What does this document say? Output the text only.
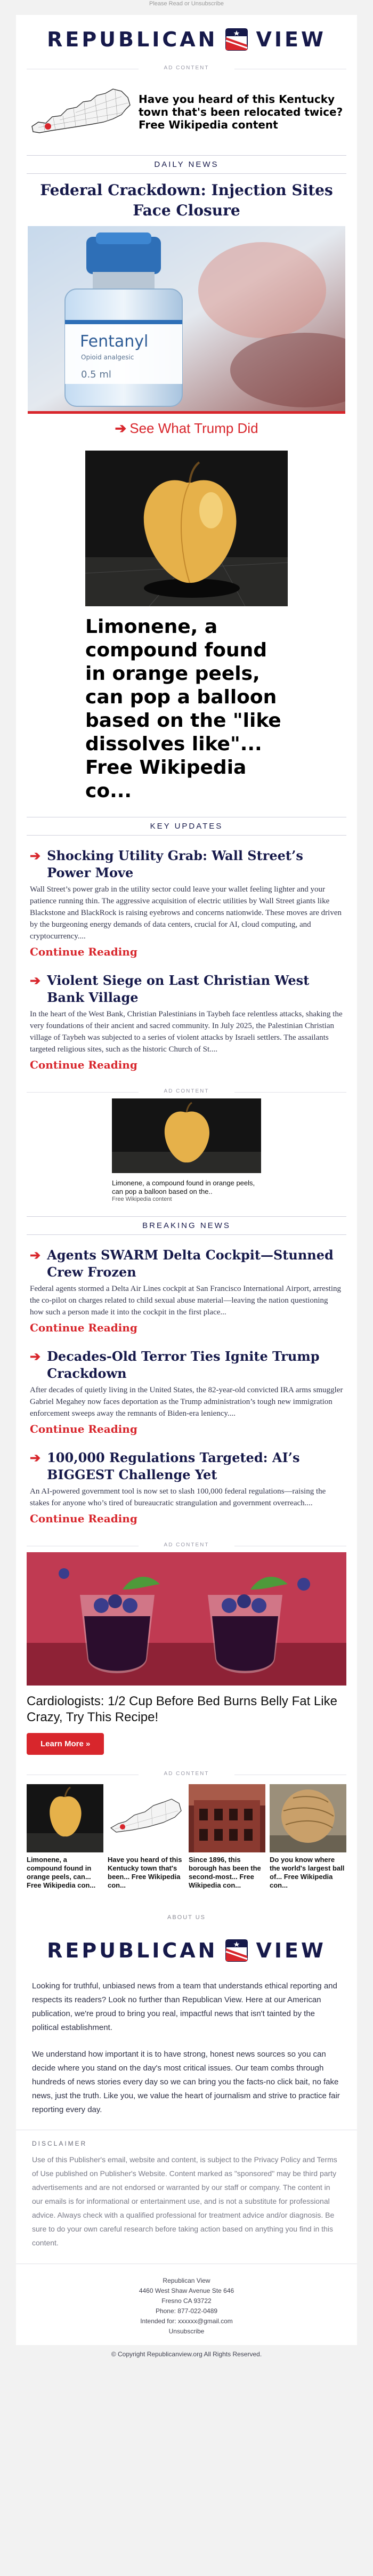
Please Read or Unsubscribe
REPUBLICAN VIEW
AD CONTENT
Have you heard of this Kentucky town that's been relocated twice? Free Wikipedia content
DAILY NEWS
Federal Crackdown: Injection Sites Face Closure
Fentanyl
Opioid analgesic
0.5 ml
➔ See What Trump Did
Limonene, a compound found in orange peels, can pop a balloon based on the "like dissolves like"... Free Wikipedia co...
KEY UPDATES
➔ Shocking Utility Grab: Wall Street’s Power Move

Wall Street’s power grab in the utility sector could leave your wallet feeling lighter and your patience running thin. The aggressive acquisition of electric utilities by Wall Street giants like Blackstone and BlackRock is raising eyebrows and concerns nationwide. These moves are driven by the burgeoning energy demands of data centers, crucial for AI, cloud computing, and cryptocurrency....

Continue Reading
➔ Violent Siege on Last Christian West Bank Village

In the heart of the West Bank, Christian Palestinians in Taybeh face relentless attacks, shaking the very foundations of their ancient and sacred community. In July 2025, the Palestinian Christian village of Taybeh was subjected to a series of violent attacks by Israeli settlers. The assailants targeted religious sites, such as the historic Church of St....

Continue Reading
AD CONTENT
Limonene, a compound found in orange peels, can pop a balloon based on the..
Free Wikipedia content
BREAKING NEWS
➔ Agents SWARM Delta Cockpit—Stunned Crew Frozen

Federal agents stormed a Delta Air Lines cockpit at San Francisco International Airport, arresting the co-pilot on charges related to child sexual abuse material—leaving the nation questioning how such a person made it into the cockpit in the first place...

Continue Reading
➔ Decades-Old Terror Ties Ignite Trump Crackdown

After decades of quietly living in the United States, the 82-year-old convicted IRA arms smuggler Gabriel Megahey now faces deportation as the Trump administration’s tough new immigration enforcement sweeps away the remnants of Biden-era leniency....

Continue Reading
➔ 100,000 Regulations Targeted: AI’s BIGGEST Challenge Yet

An AI-powered government tool is now set to slash 100,000 federal regulations—raising the stakes for anyone who’s tired of bureaucratic strangulation and government overreach....

Continue Reading
AD CONTENT
Cardiologists: 1/2 Cup Before Bed Burns Belly Fat Like Crazy, Try This Recipe!
Learn More »
AD CONTENT
Limonene, a compound found in orange peels, can... Free Wikipedia con...
Have you heard of this Kentucky town that's been... Free Wikipedia con...
Since 1896, this borough has been the second-most... Free Wikipedia con...
Do you know where the world's largest ball of... Free Wikipedia con...
ABOUT US
REPUBLICAN VIEW

Looking for truthful, unbiased news from a team that understands ethical reporting and respects its readers? Look no further than Republican View. Here at our American publication, we're proud to bring you real, impactful news that isn't tainted by the political establishment.

We understand how important it is to have strong, honest news sources so you can decide where you stand on the day's most critical issues. Our team combs through hundreds of news stories every day so we can bring you the facts-no click bait, no fake news, just the truth. Like you, we value the heart of journalism and strive to practice fair reporting every day.

DISCLAIMER

Use of this Publisher's email, website and content, is subject to the Privacy Policy and Terms of Use published on Publisher's Website. Content marked as "sponsored" may be third party advertisements and are not endorsed or warranted by our staff or company. The content in our emails is for informational or entertainment use, and is not a substitute for professional advice. Always check with a qualified professional for treatment advice and/or diagnosis. Be sure to do your own careful research before taking action based on anything you find in this content.

Republican View
4460 West Shaw Avenue Ste 646
Fresno CA 93722
Phone: 877-022-0489
Intended for: xxxxxx@gmail.com
Unsubscribe
© Copyright Republicanview.org All Rights Reserved.
